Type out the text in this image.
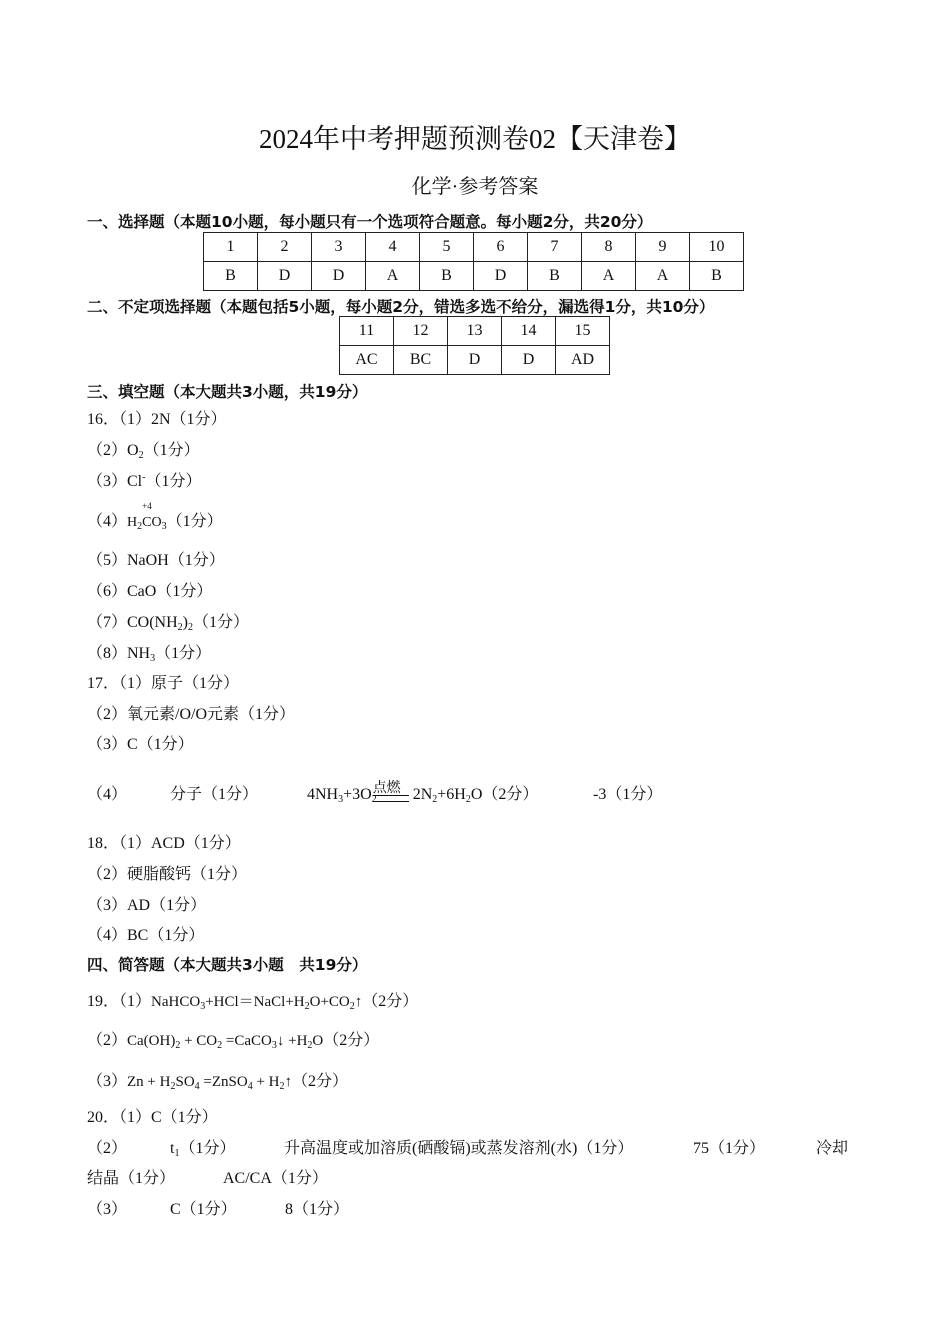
2024年中考押题预测卷02【天津卷】
化学·参考答案
一、选择题（本题10小题，每小题只有一个选项符合题意。每小题2分，共20分）
1	2	3	4	5	6	7	8	9	10
B	D	D	A	B	D	B	A	A	B
二、不定项选择题（本题包括5小题，每小题2分，错选多选不给分，漏选得1分，共10分）
11	12	13	14	15
AC	BC	D	D	AD
三、填空题（本大题共3小题，共19分）
16．（1）2N（1分）
$(2)O_2(1$分）
（3）Cl-（1分）
$(4)H_2$
+4
$CO_3(1$分）
（5）NaOH（1分）
（6）CaO（1分）
$(7)CO(NH_2)_2(1$分）
$(8)NH_3(1$分）
17．（1）原子（1分）
（2）氧元素/O/O元素（1分）
（3）C（1分）
（4）	分子（1分）	$4NH_3+3O_2$
点燃 $2N_2+6H_2O(2$分）	-3（1分）
18．（1）ACD（1分）
（2）硬脂酸钙（1分）
（3）AD（1分）
（4）BC（1分）
四、简答题（本大题共3小题　共19分）
19．$(1)NaHCO_3+HCl=NaCl+H_2O+CO_2↑(2$分）
$(2)Ca(OH)_2 + CO_2$ =CaCO$_3$↓ $+H_2O(2$分）
$(3)Zn + H_2SO_4$ =ZnSO$_4$ + $H_2↑(2$分）
20．（1）C（1分）
（2）	$t_1(1$分）	升高温度或加溶质(硒酸镉)或蒸发溶剂(水)（1分）	75（1分）	冷却
结晶（1分）	AC/CA（1分）
（3）	C（1分）	8（1分）
